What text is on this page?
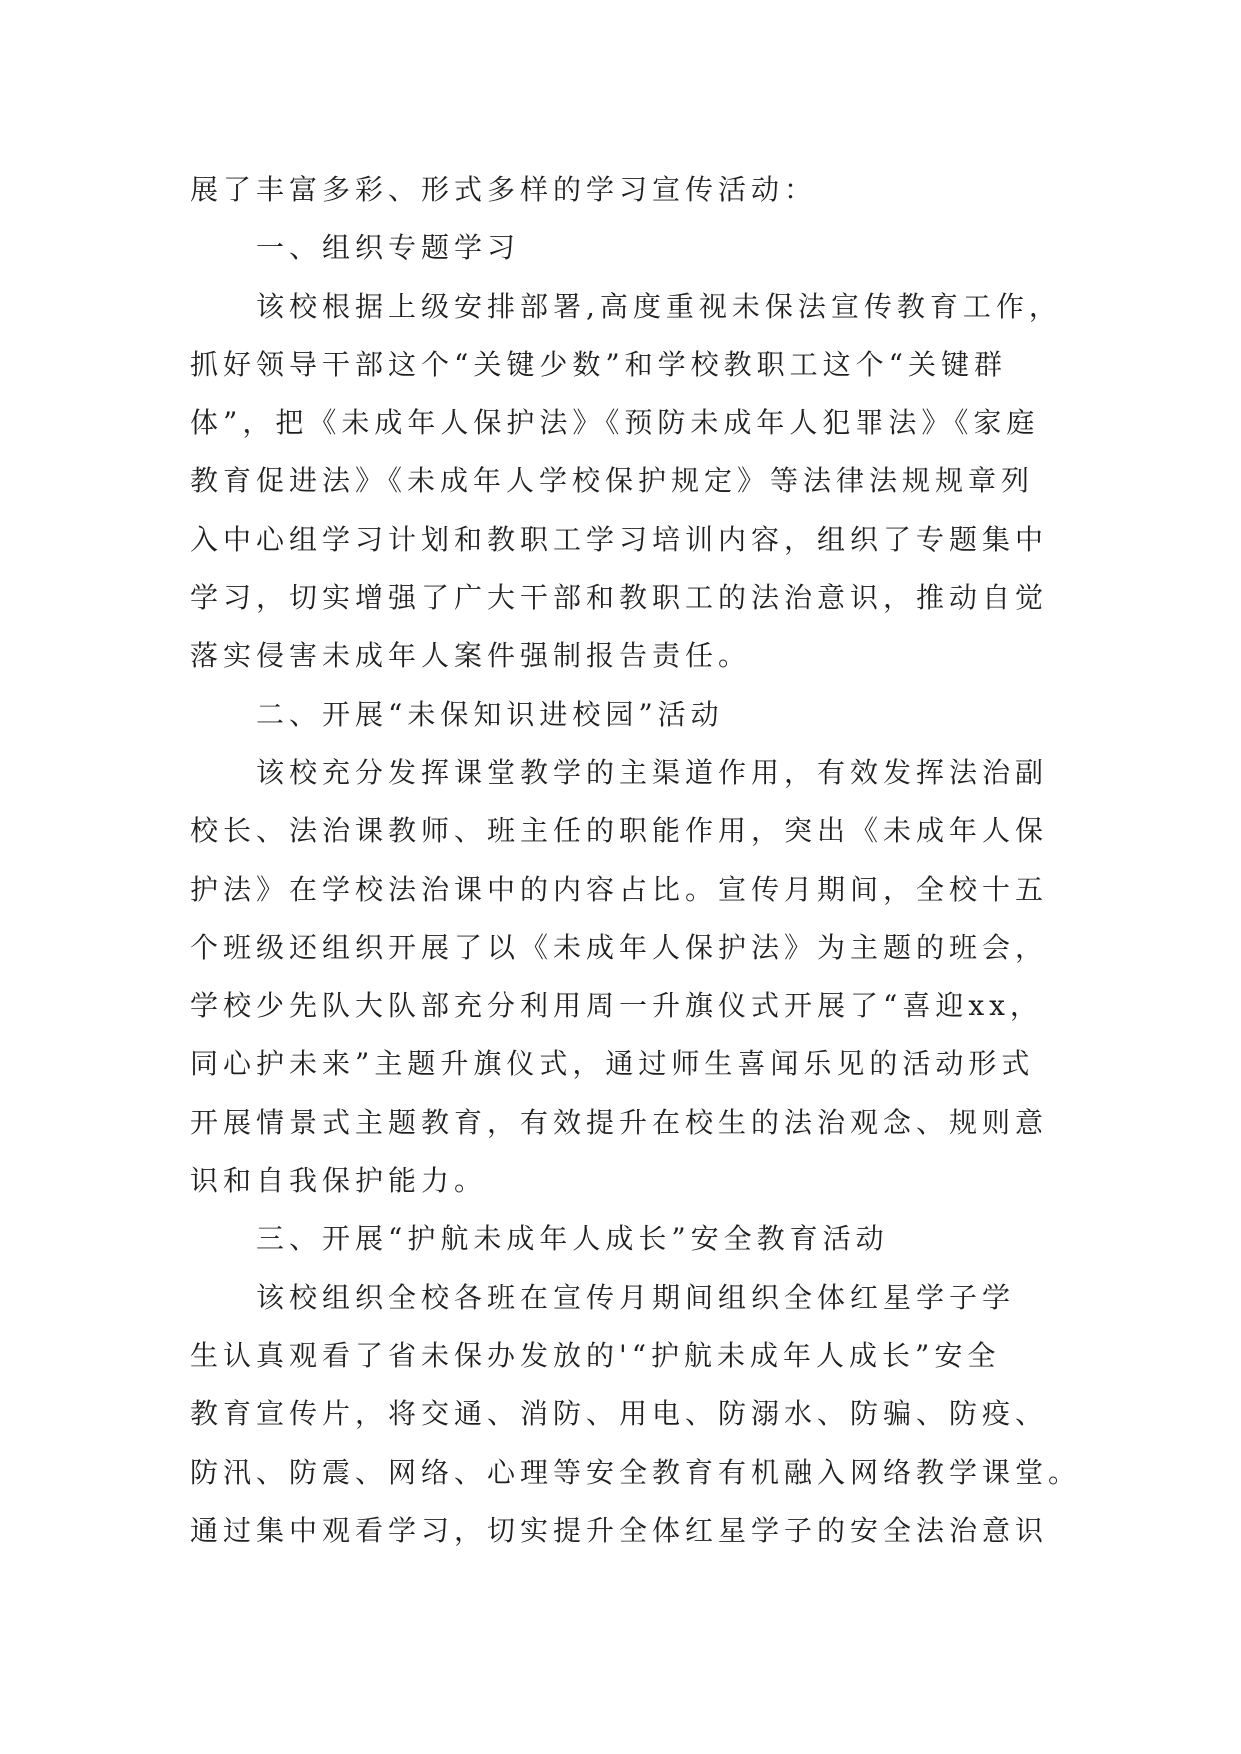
展了丰富多彩、形式多样的学习宣传活动：
一、组织专题学习
该校根据上级安排部署,高度重视未保法宣传教育工作，
抓好领导干部这个“关键少数”和学校教职工这个“关键群
体”，把《未成年人保护法》《预防未成年人犯罪法》《家庭
教育促进法》《未成年人学校保护规定》等法律法规规章列
入中心组学习计划和教职工学习培训内容，组织了专题集中
学习，切实增强了广大干部和教职工的法治意识，推动自觉
落实侵害未成年人案件强制报告责任。
二、开展“未保知识进校园”活动
该校充分发挥课堂教学的主渠道作用，有效发挥法治副
校长、法治课教师、班主任的职能作用，突出《未成年人保
护法》在学校法治课中的内容占比。宣传月期间，全校十五
个班级还组织开展了以《未成年人保护法》为主题的班会，
学校少先队大队部充分利用周一升旗仪式开展了“喜迎xx，
同心护未来”主题升旗仪式，通过师生喜闻乐见的活动形式
开展情景式主题教育，有效提升在校生的法治观念、规则意
识和自我保护能力。
三、开展“护航未成年人成长”安全教育活动
该校组织全校各班在宣传月期间组织全体红星学子学
生认真观看了省未保办发放的'“护航未成年人成长”安全
教育宣传片，将交通、消防、用电、防溺水、防骗、防疫、
防汛、防震、网络、心理等安全教育有机融入网络教学课堂。
通过集中观看学习，切实提升全体红星学子的安全法治意识
